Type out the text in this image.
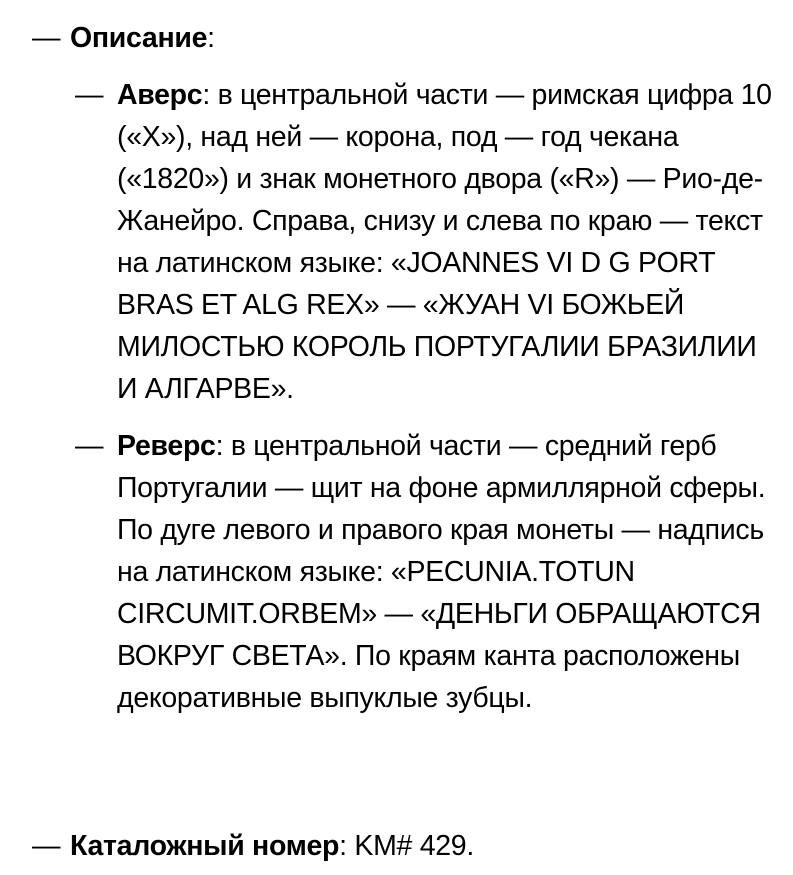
— Описание:
— Аверс: в центральной части — римская цифра 10 («X»), над ней — корона, под — год чекана («1820») и знак монетного двора («R») — Рио-де-Жанейро. Справа, снизу и слева по краю — текст на латинском языке: «JOANNES VI D G PORT BRAS ET ALG REX» — «ЖУАН VI БОЖЬЕЙ МИЛОСТЬЮ КОРОЛЬ ПОРТУГАЛИИ БРАЗИЛИИ И АЛГАРВЕ».
— Реверс: в центральной части — средний герб Португалии — щит на фоне армиллярной сферы. По дуге левого и правого края монеты — надпись на латинском языке: «PECUNIA.TOTUN CIRCUMIT.ORBEM» — «ДЕНЬГИ ОБРАЩАЮТСЯ ВОКРУГ СВЕТА». По краям канта расположены декоративные выпуклые зубцы.
— Каталожный номер: KM# 429.
